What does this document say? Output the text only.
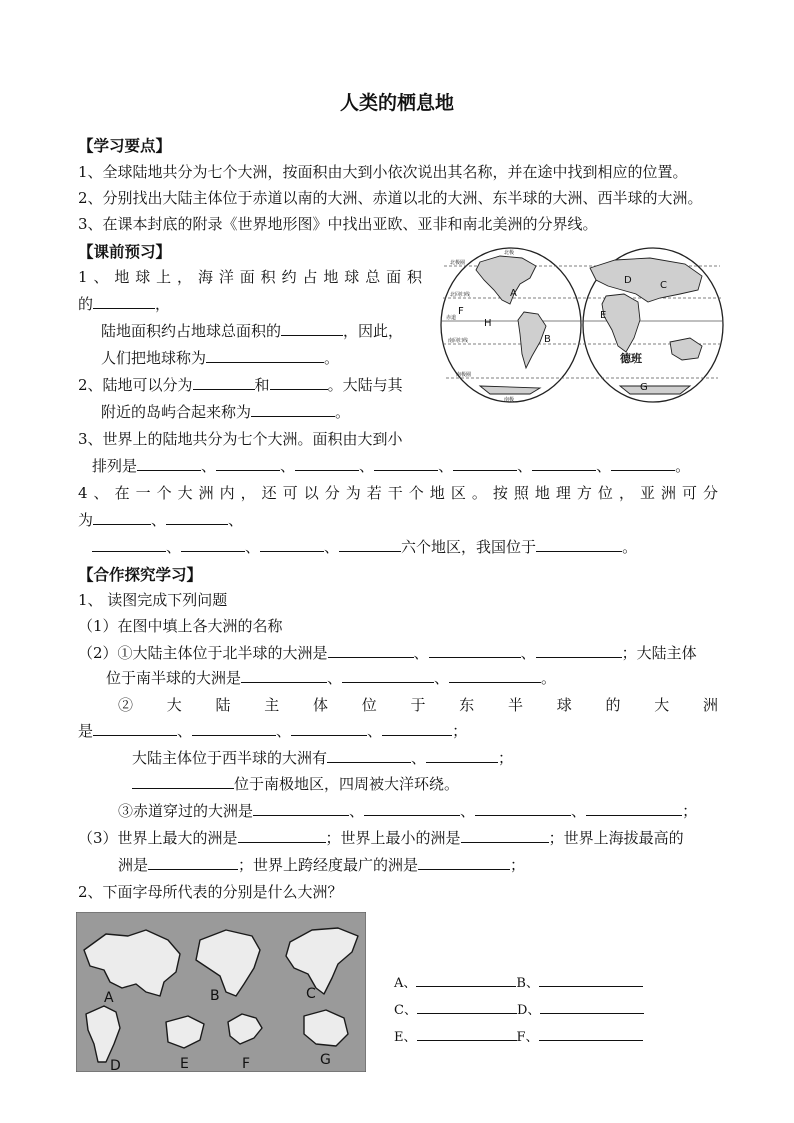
人类的栖息地
【学习要点】
1、全球陆地共分为七个大洲，按面积由大到小依次说出其名称，并在途中找到相应的位置。
2、分别找出大陆主体位于赤道以南的大洲、赤道以北的大洲、东半球的大洲、西半球的大洲。
3、在课本封底的附录《世界地形图》中找出亚欧、亚非和南北美洲的分界线。
【课前预习】
1、地球上，海洋面积约占地球总面积
的	，
陆地面积约占地球总面积的	，因此，
人们把地球称为	。
2、陆地可以分为	和	。大陆与其
附近的岛屿合起来称为	。
3、世界上的陆地共分为七个大洲。面积由大到小
排列是	、	、	、	、	、	、	。
4、在一个大洲内，还可以分为若干个地区。按照地理方位，亚洲可分
为	、	、
、	、	、	六个地区，我国位于	。
A
B
C
D
E
F
G
H
德班
北极圈
北回归线
赤道
南回归线
南极圈
北极
南极
【合作探究学习】
1、 读图完成下列问题
（1）在图中填上各大洲的名称
（2）①大陆主体位于北半球的大洲是	、	、	；大陆主体
位于南半球的大洲是	、	、	。
②　大　陆　主　体　位　于　东　半　球　的　大　洲
是	、	、	、	；
大陆主体位于西半球的大洲有	、	；
位于南极地区，四周被大洋环绕。
③赤道穿过的大洲是	、	、	、	；
（3）世界上最大的洲是	；世界上最小的洲是	；世界上海拔最高的
洲是	；世界上跨经度最广的洲是	；
2、下面字母所代表的分别是什么大洲？
A	B	C
D	E	F	G
A、	B、
C、	D、
E、	F、
